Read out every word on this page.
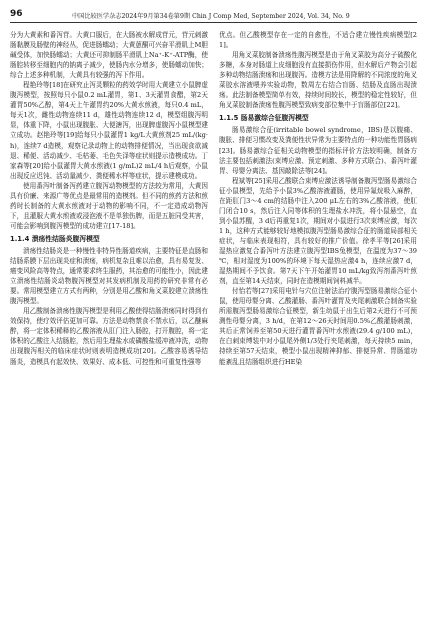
96	中国比较医学杂志2024年9月第34卷第9期 Chin J Comp Med, September 2024, Vol. 34, No. 9

分为大黄素和番泻苷。大黄口服后，在大肠被水解成苷元，苷元刺激肠黏膜及肠壁的神经丛，促进肠蠕动；大黄蒽酮可兴奋平滑肌上M胆碱受体，加快肠蠕动；大黄还可抑制肠平滑肌上Na⁺-K⁺-ATP酶，使肠腔转移至细胞内的钠离子减少，使肠内水分增多，使肠蠕动加快；综合上述多种机制，大黄具有较强的泻下作用。

程艳玲等[18]在研究止泻灵颗粒的药效学时用大黄建立小鼠脾虚腹泻模型，按照每只小鼠0.2 mL灌胃，第1、3天灌胃食醋，第2天灌胃50%乙醇，第4天上午灌胃约20%大黄水煎液，每只0.4 mL，每天1次，雌性动物连续11 d，雄性动物连续12 d，模型组腹泻明显，体重下降，小鼠出现腹胀、大便溏泻，出现脾虚腹泻小鼠模型建立成功。赵艳玲等[19]给每只小鼠灌胃1 kg/L大黄煎剂25 mL/(kg·h)，连续7 d造模，观察记录动物上的动物排便情况，当出现食欲减退、稀便、活动减少、毛枯萎、毛色失泽等症状则提示造模成功。丁家森等[20]给小鼠灌胃大黄水煎液(1 g/mL)2 mL/4 h后观察，小鼠出现反应迟钝、活动量减少、粪便稀水样等症状，提示建模成功。

使用番泻叶制备泻药建立腹泻动物模型的方法较为常用，大黄因具有价廉、来源广等优点是最常用的造模剂。但不同的煎药方法和煎药时长制备的大黄水煎液对于动物的影响不同，不一定造成动物泻下，且灌服大黄水煎液或浸泡液不是单独伤脾，而是五脏同受其害，可能会影响到腹泻模型的成功建立[17-18]。

1.1.4 溃疡性结肠炎腹泻模型

溃疡性结肠炎是一种慢性非特异性肠道疾病，主要特征是直肠和结肠系膜下层出现炎症和溃疡，病机复杂且难以治愈，具有易复发、癌变风险高等特点，通常要求终生服药，其治愈的可能性小，因此建立溃疡性结肠炎动物腹泻模型对其发病机制及用药的研究非常有必要。常用模型建立方式有两种，分别是用乙酸和角叉菜胶建立溃疡性腹泻模型。

用乙酸制备溃疡性腹泻模型是利用乙酸使得结肠溃疡同时得到有效保持，使疗效评估更加可靠。方法是动物禁食不禁水后，以乙醚麻醉，将一定体积稀释的乙酸溶液从肛门注入肠腔，打开腹腔，将一定体积的乙酸注入结肠腔，然后用生理盐水或磷酸盐缓冲液冲洗，动物出现腹泻相关的临床症状时则表明造模成功[20]。乙酸容易诱导结肠炎，造模具有起效快、效果好、成本低、可控性和可重复性强等

优点。但乙酸模型存在一定的自愈性，不适合建立慢性疾病模型[21]。

用角叉菜胶制备溃疡性腹泻模型是由于角叉菜胶为高分子硫酸化多糖，本身对肠道上皮细胞没有直接损伤作用，但水解后产物会引起多种动物结肠溃疡和出现腹泻。造模方法是用降解的不同浓度的角叉菜胶水溶液喂养实验动物，数周左右结合盲肠、结肠及直肠出现溃疡。此法制备模型简单有效，持续时间较长，模型的稳定性较好，但角叉菜胶制备溃疡性腹泻模型致病变部位集中于盲肠部位[22]。

1.1.5 肠易激综合征腹泻模型

肠易激综合征(irritable bowel syndrome，IBS)是以腹痛、腹胀、排便习惯改变及粪便性状异常为主要特点的一种功能性胃肠病[23]。肠易激综合征相关动物模型的指标评价方法较明确，制备方法主要包括刺激法(束缚应激、预定刺激、多种方式联合)、番泻叶灌胃、母婴分离法、基因敲除法等[24]。

程斌等[25]采用乙酸联合束缚应激法诱导制备腹泻型肠易激综合征小鼠模型，先给予小鼠3%乙酸溶液灌肠，使用异氟烷吸入麻醉，在距肛门3～4 cm的结肠中注入200 μL左右的3%乙酸溶液，使肛门闭合10 s，然后注入同等体积的生理盐水冲洗，将小鼠悬空，直到小鼠苏醒，3 d后再重复1次，期间对小鼠进行3次束缚应激，每次1 h，这种方式能够较好地模拟腹泻型肠易激综合征的肠道局部相关症状，与临床表现相符，具有较好的推广价值。徐孝平等[26]采用湿热应激复合番泻叶方法建立腹泻型IBS兔模型，在温度为37～39 ℃，相对湿度为100%的环境下每天湿热应激4 h，连续应激7 d，湿热期间不予饮食。第7天下午开始灌胃10 mL/kg致泻剂番泻叶煎剂，直至第14天结束，同时在造模期间饲料减半。

付怡若等[27]采用电针与穴位注射法治疗腹泻型肠易激综合征小鼠，使用母婴分离、乙酸灌肠、番泻叶灌胃及夹尾刺激联合制备实验所需腹泻型肠易激综合征模型，新生幼鼠于出生后第2天进行不可预测性母婴分离，3 h/d，在第12～26天时间用0.5%乙酸灌肠刺激，其后正常饲养至第50天进行灌胃番泻叶水煎液(29.4 g/100 mL)，在白刺束缚装中对小鼠尾外侧1/3处行夹尾刺激，每天持续5 min，持续至第57天结束，模型小鼠出现精神抑郁、排便异常、胃肠道功能紊乱且结肠组织进行HE染
